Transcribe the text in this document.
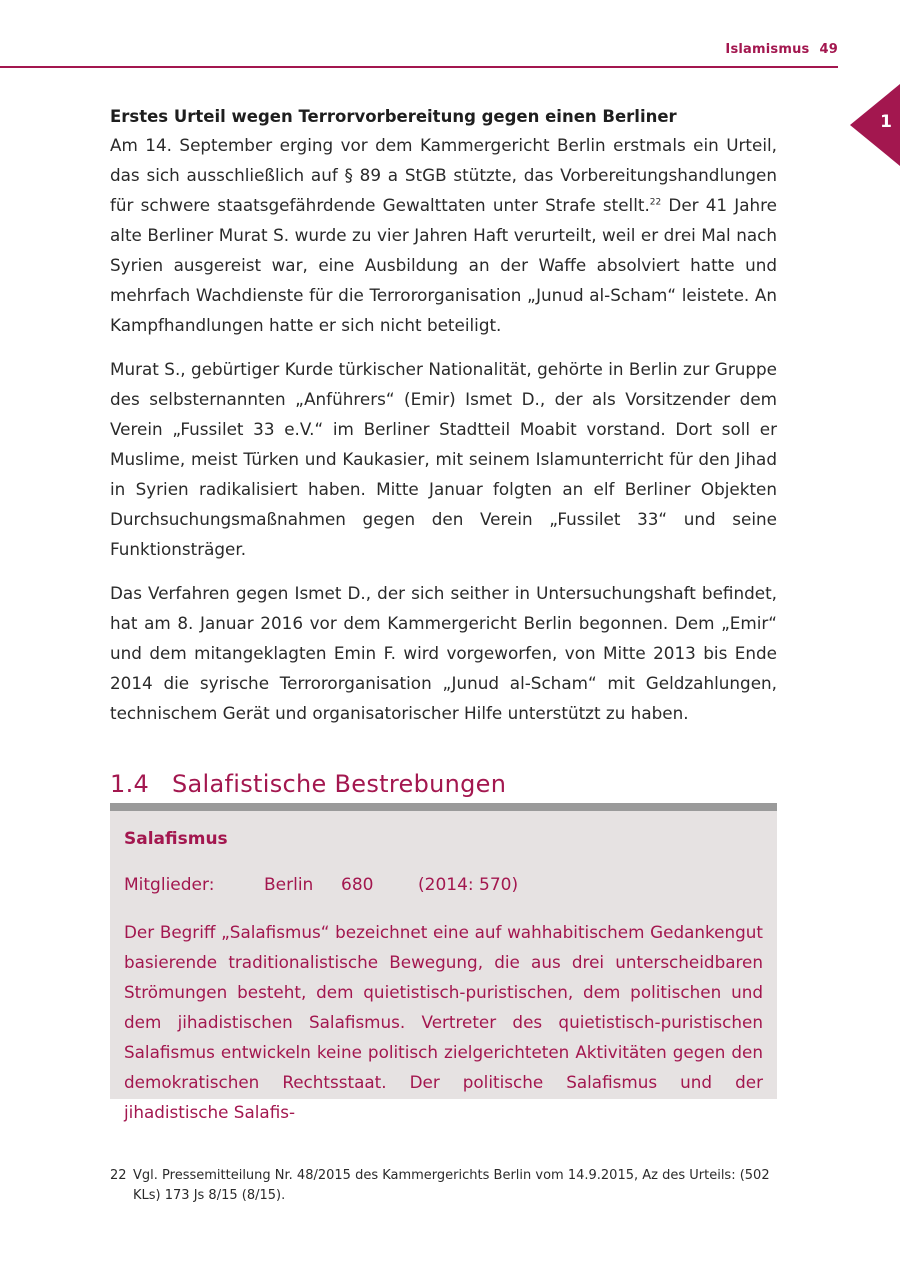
Islamismus 49
1
Erstes Urteil wegen Terrorvorbereitung gegen einen Berliner

Am 14. September erging vor dem Kammergericht Berlin erstmals ein Urteil, das sich ausschließlich auf § 89 a StGB stützte, das Vorbereitungshandlungen für schwere staatsgefährdende Gewalttaten unter Strafe stellt.$^{22}$ Der 41 Jahre alte Berliner Murat S. wurde zu vier Jahren Haft verurteilt, weil er drei Mal nach Syrien ausgereist war, eine Ausbildung an der Waffe absolviert hatte und mehrfach Wachdienste für die Terrororganisation „Junud al-Scham“ leistete. An Kampfhandlungen hatte er sich nicht beteiligt.

Murat S., gebürtiger Kurde türkischer Nationalität, gehörte in Berlin zur Gruppe des selbsternannten „Anführers“ (Emir) Ismet D., der als Vorsitzender dem Verein „Fussilet 33 e.V.“ im Berliner Stadtteil Moabit vorstand. Dort soll er Muslime, meist Türken und Kaukasier, mit seinem Islamunterricht für den Jihad in Syrien radikalisiert haben. Mitte Januar folgten an elf Berliner Objekten Durchsuchungsmaßnahmen gegen den Verein „Fussilet 33“ und seine Funktionsträger.

Das Verfahren gegen Ismet D., der sich seither in Untersuchungshaft befindet, hat am 8. Januar 2016 vor dem Kammergericht Berlin begonnen. Dem „Emir“ und dem mitangeklagten Emin F. wird vorgeworfen, von Mitte 2013 bis Ende 2014 die syrische Terrororganisation „Junud al-Scham“ mit Geldzahlungen, technischem Gerät und organisatorischer Hilfe unterstützt zu haben.

1.4 Salafistische Bestrebungen
Salafismus
Mitglieder:	Berlin 680	(2014: 570)

Der Begriff „Salafismus“ bezeichnet eine auf wahhabitischem Gedankengut basierende traditionalistische Bewegung, die aus drei unterscheidbaren Strömungen besteht, dem quietistisch-puristischen, dem politischen und dem jihadistischen Salafismus. Vertreter des quietistisch-puristischen Salafismus entwickeln keine politisch zielgerichteten Aktivitäten gegen den demokratischen Rechtsstaat. Der politische Salafismus und der jihadistische Salafis-

22 Vgl. Pressemitteilung Nr. 48/2015 des Kammergerichts Berlin vom 14.9.2015, Az des Urteils: (502 KLs) 173 Js 8/15 (8/15).
